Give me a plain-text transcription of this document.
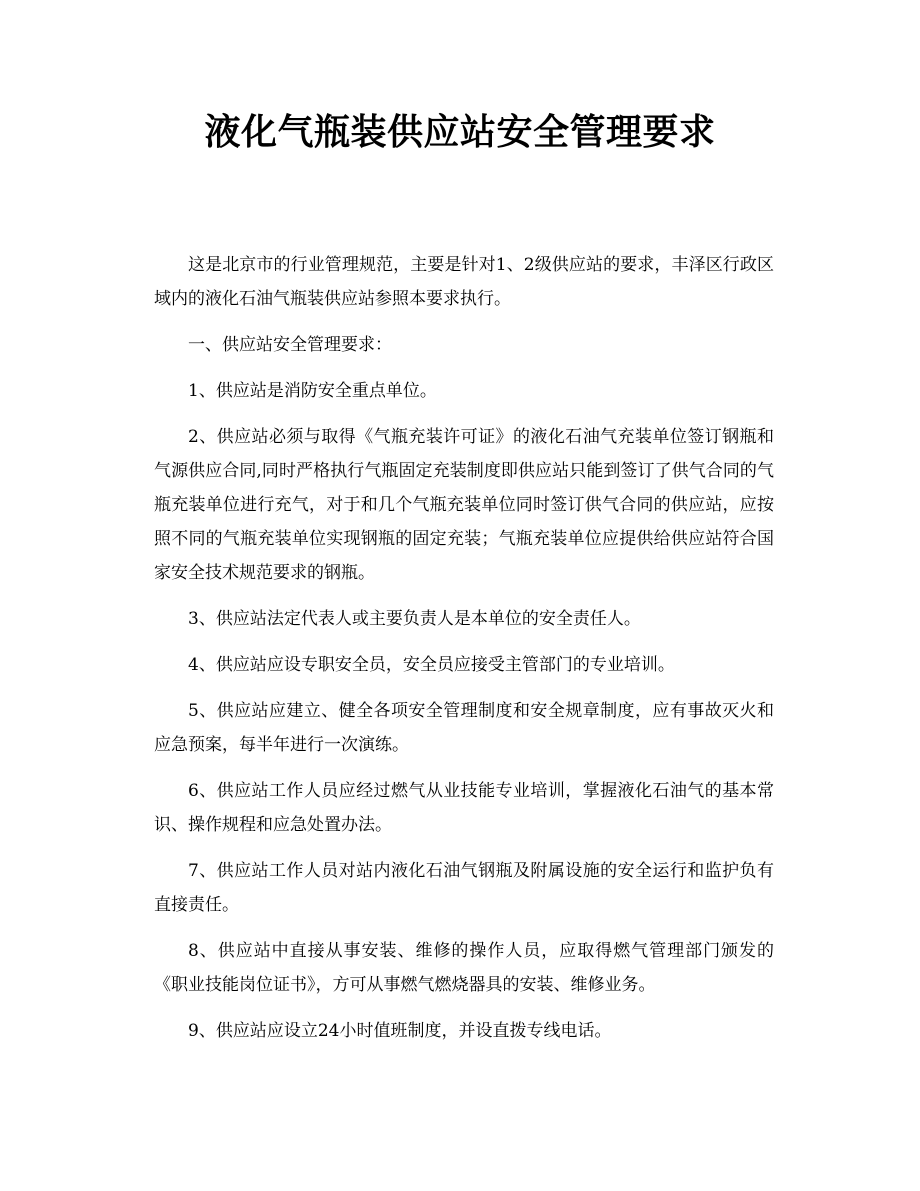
液化气瓶装供应站安全管理要求

这是北京市的行业管理规范，主要是针对1、2级供应站的要求，丰泽区行政区域内的液化石油气瓶装供应站参照本要求执行。

一、供应站安全管理要求：

1、供应站是消防安全重点单位。

2、供应站必须与取得《气瓶充装许可证》的液化石油气充装单位签订钢瓶和气源供应合同,同时严格执行气瓶固定充装制度即供应站只能到签订了供气合同的气瓶充装单位进行充气，对于和几个气瓶充装单位同时签订供气合同的供应站，应按照不同的气瓶充装单位实现钢瓶的固定充装；气瓶充装单位应提供给供应站符合国家安全技术规范要求的钢瓶。

3、供应站法定代表人或主要负责人是本单位的安全责任人。

4、供应站应设专职安全员，安全员应接受主管部门的专业培训。

5、供应站应建立、健全各项安全管理制度和安全规章制度，应有事故灭火和应急预案，每半年进行一次演练。

6、供应站工作人员应经过燃气从业技能专业培训，掌握液化石油气的基本常识、操作规程和应急处置办法。

7、供应站工作人员对站内液化石油气钢瓶及附属设施的安全运行和监护负有直接责任。

8、供应站中直接从事安装、维修的操作人员，应取得燃气管理部门颁发的《职业技能岗位证书》，方可从事燃气燃烧器具的安装、维修业务。

9、供应站应设立24小时值班制度，并设直拨专线电话。
